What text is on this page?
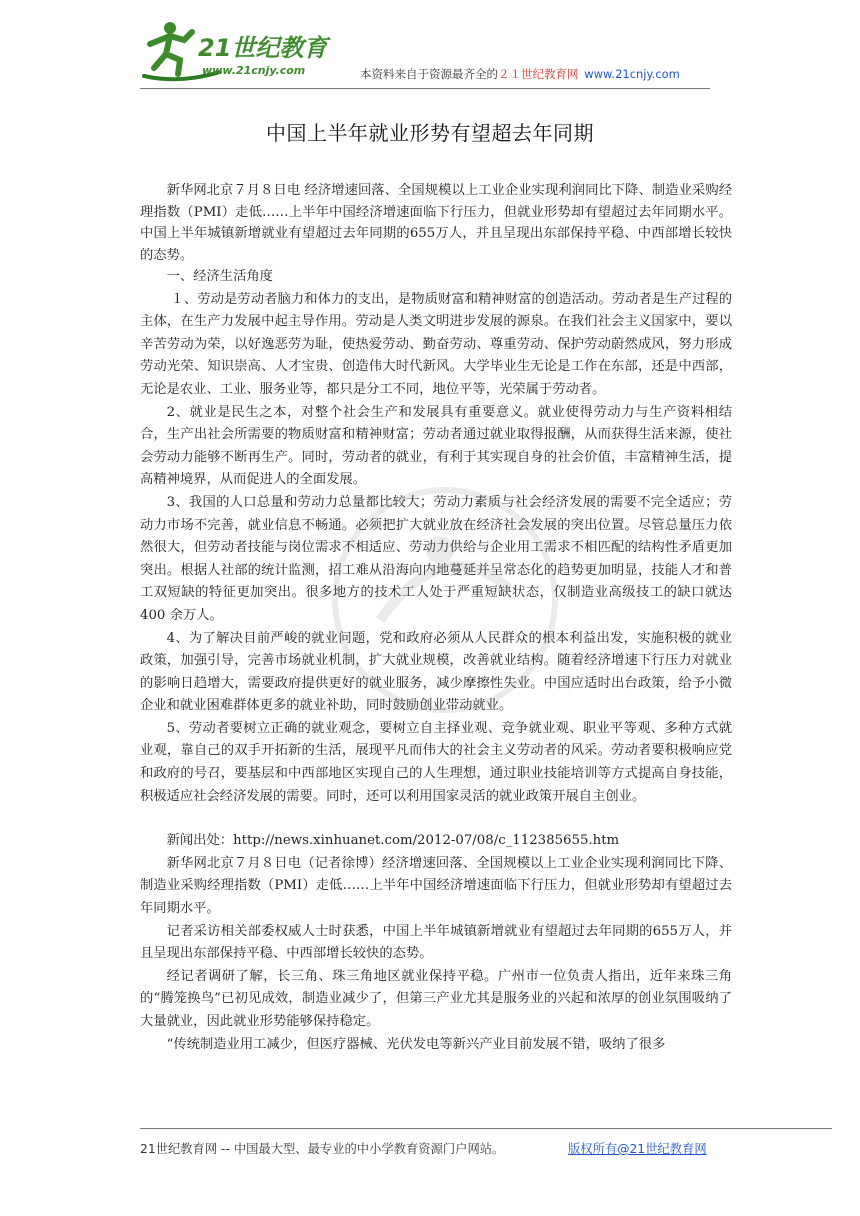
21世纪教育
www.21cnjy.com	本资料来自于资源最齐全的２１世纪教育网  www.21cnjy.com
中国上半年就业形势有望超去年同期

新华网北京７月８日电 经济增速回落、全国规模以上工业企业实现利润同比下降、制造业采购经理指数（PMI）走低……上半年中国经济增速面临下行压力，但就业形势却有望超过去年同期水平。中国上半年城镇新增就业有望超过去年同期的655万人，并且呈现出东部保持平稳、中西部增长较快的态势。

一、经济生活角度

１、劳动是劳动者脑力和体力的支出，是物质财富和精神财富的创造活动。劳动者是生产过程的主体，在生产力发展中起主导作用。劳动是人类文明进步发展的源泉。在我们社会主义国家中，要以辛苦劳动为荣，以好逸恶劳为耻，使热爱劳动、勤奋劳动、尊重劳动、保护劳动蔚然成风，努力形成劳动光荣、知识崇高、人才宝贵、创造伟大时代新风。大学毕业生无论是工作在东部，还是中西部，无论是农业、工业、服务业等，都只是分工不同，地位平等，光荣属于劳动者。

2、就业是民生之本，对整个社会生产和发展具有重要意义。就业使得劳动力与生产资料相结合，生产出社会所需要的物质财富和精神财富；劳动者通过就业取得报酬，从而获得生活来源，使社会劳动力能够不断再生产。同时，劳动者的就业，有利于其实现自身的社会价值，丰富精神生活，提高精神境界，从而促进人的全面发展。

3、我国的人口总量和劳动力总量都比较大；劳动力素质与社会经济发展的需要不完全适应；劳动力市场不完善，就业信息不畅通。必须把扩大就业放在经济社会发展的突出位置。尽管总量压力依然很大，但劳动者技能与岗位需求不相适应、劳动力供给与企业用工需求不相匹配的结构性矛盾更加突出。根据人社部的统计监测，招工难从沿海向内地蔓延并呈常态化的趋势更加明显，技能人才和普工双短缺的特征更加突出。很多地方的技术工人处于严重短缺状态，仅制造业高级技工的缺口就达 400 余万人。

4、为了解决目前严峻的就业问题，党和政府必须从人民群众的根本利益出发，实施积极的就业政策，加强引导，完善市场就业机制，扩大就业规模，改善就业结构。随着经济增速下行压力对就业的影响日趋增大，需要政府提供更好的就业服务，减少摩擦性失业。中国应适时出台政策，给予小微企业和就业困难群体更多的就业补助，同时鼓励创业带动就业。

5、劳动者要树立正确的就业观念，要树立自主择业观、竞争就业观、职业平等观、多种方式就业观，靠自己的双手开拓新的生活，展现平凡而伟大的社会主义劳动者的风采。劳动者要积极响应党和政府的号召，要基层和中西部地区实现自己的人生理想，通过职业技能培训等方式提高自身技能，积极适应社会经济发展的需要。同时，还可以利用国家灵活的就业政策开展自主创业。

新闻出处：http://news.xinhuanet.com/2012-07/08/c_112385655.htm

新华网北京７月８日电（记者徐博）经济增速回落、全国规模以上工业企业实现利润同比下降、制造业采购经理指数（PMI）走低……上半年中国经济增速面临下行压力，但就业形势却有望超过去年同期水平。

记者采访相关部委权威人士时获悉，中国上半年城镇新增就业有望超过去年同期的655万人，并且呈现出东部保持平稳、中西部增长较快的态势。

经记者调研了解，长三角、珠三角地区就业保持平稳。广州市一位负责人指出，近年来珠三角的“腾笼换鸟”已初见成效，制造业减少了，但第三产业尤其是服务业的兴起和浓厚的创业氛围吸纳了大量就业，因此就业形势能够保持稳定。

“传统制造业用工减少，但医疗器械、光伏发电等新兴产业目前发展不错，吸纳了很多

21世纪教育网 -- 中国最大型、最专业的中小学教育资源门户网站。	版权所有@21世纪教育网
